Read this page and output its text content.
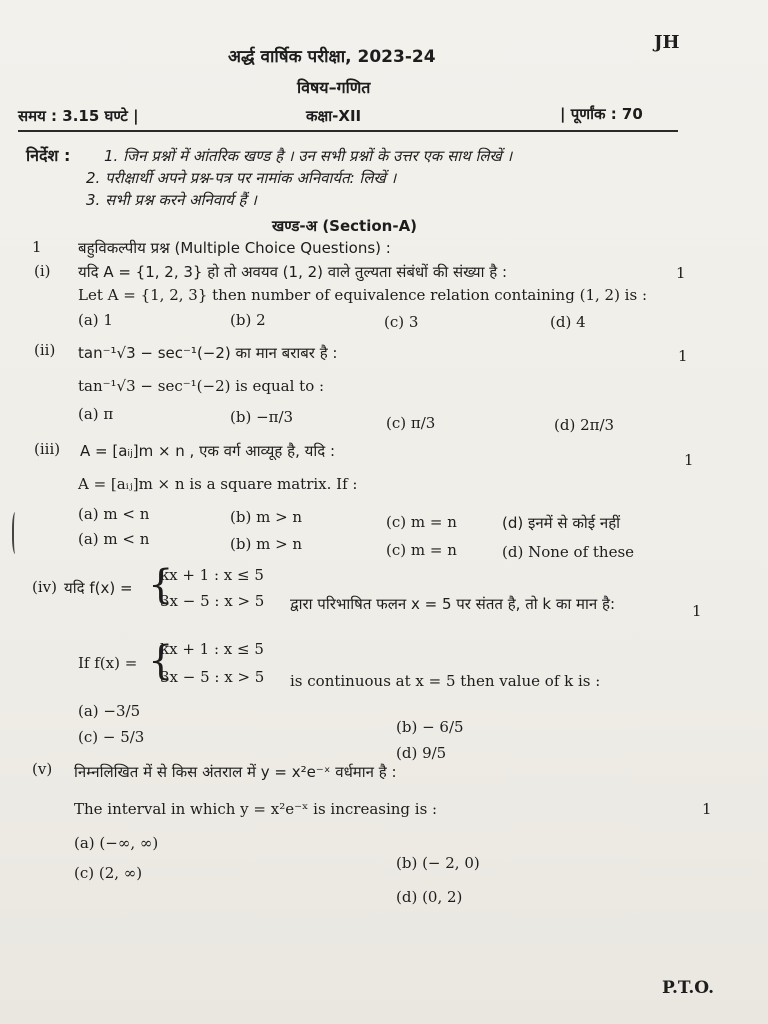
JH
अर्द्ध वार्षिक परीक्षा, 2023-24
विषय–गणित
समय : 3.15 घण्टे |	कक्षा-XII	| पूर्णांक : 70
निर्देश : 1. जिन प्रश्नों में आंतरिक खण्ड है । उन सभी प्रश्नों के उत्तर एक साथ लिखें ।
2. परीक्षार्थी अपने प्रश्न-पत्र पर नामांक अनिवार्यत: लिखें ।
3. सभी प्रश्न करने अनिवार्य हैं ।
खण्ड-अ (Section-A)
1 बहुविकल्पीय प्रश्न (Multiple Choice Questions) :
(i) यदि A = {1, 2, 3} हो तो अवयव (1, 2) वाले तुल्यता संबंधों की संख्या है :	1
Let A = {1, 2, 3} then number of equivalence relation containing (1, 2) is :
(a) 1	(b) 2	(c) 3	(d) 4
(ii) tan⁻¹√3 − sec⁻¹(−2) का मान बराबर है :	1
tan⁻¹√3 − sec⁻¹(−2) is equal to :
(a) π	(b) −π/3	(c) π/3	(d) 2π/3
(iii) A = [aᵢⱼ]m × n , एक वर्ग आव्यूह है, यदि :	1
A = [aᵢⱼ]m × n is a square matrix. If :
(a) m < n	(b) m > n	(c) m = n	(d) इनमें से कोई नहीं
(a) m < n	(b) m > n	(c) m = n	(d) None of these
(iv) यदि f(x) = {
kx + 1 : x ≤ 5
3x − 5 : x > 5 द्वारा परिभाषित फलन x = 5 पर संतत है, तो k का मान है:	1
If f(x) = {
kx + 1 : x ≤ 5
3x − 5 : x > 5 is continuous at x = 5 then value of k is :
(a) −3/5
(b) − 6/5
(c) − 5/3
(d) 9/5
(v) निम्नलिखित में से किस अंतराल में y = x²e⁻ˣ वर्धमान है :
1
The interval in which y = x²e⁻ˣ is increasing is :
(a) (−∞, ∞)
(b) (− 2, 0)
(c) (2, ∞)
(d) (0, 2)
P.T.O.
